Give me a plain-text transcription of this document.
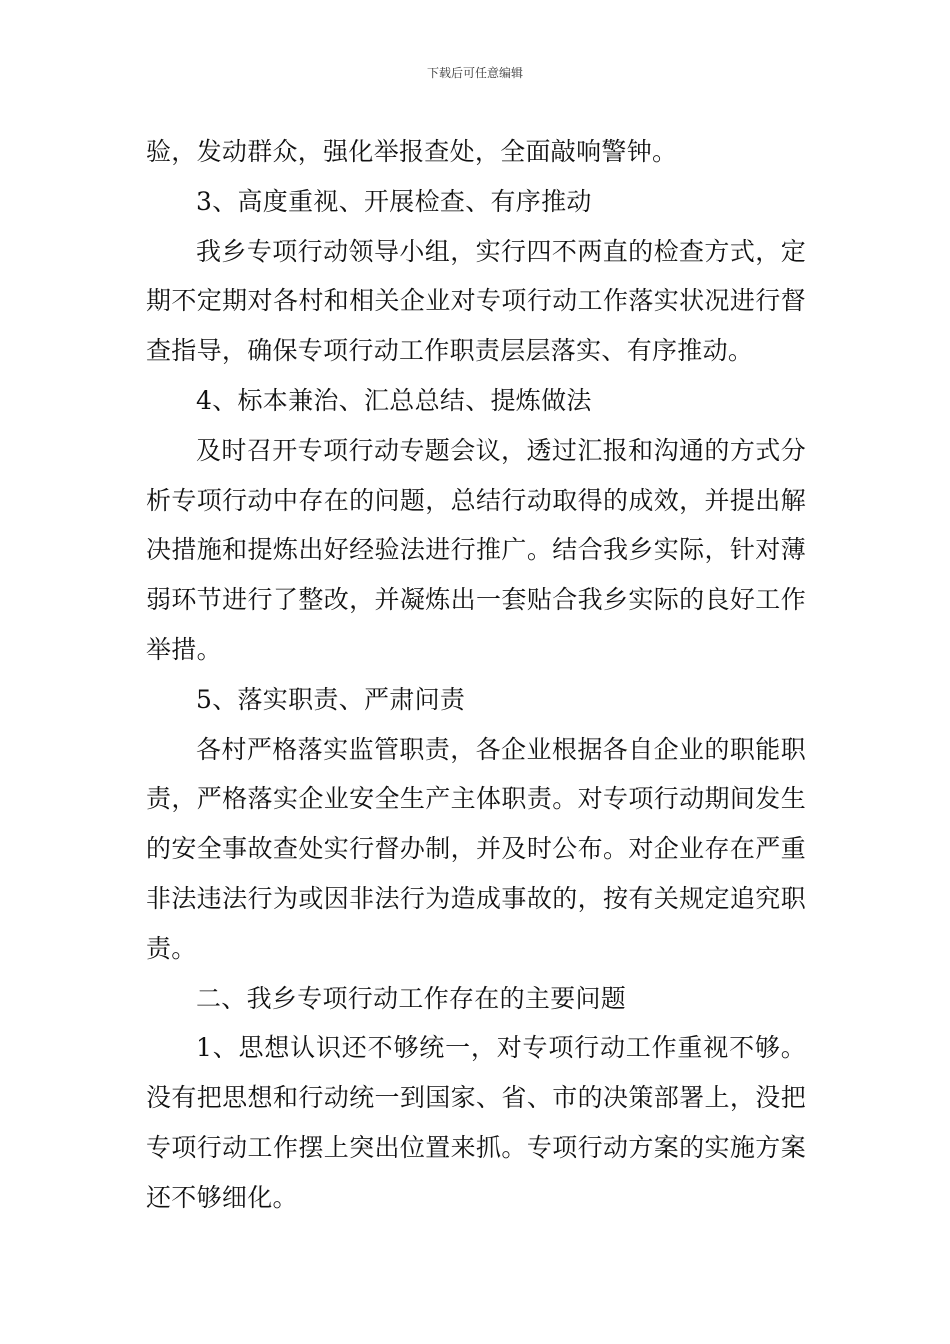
下载后可任意编辑

验，发动群众，强化举报查处，全面敲响警钟。

3、高度重视、开展检查、有序推动

我乡专项行动领导小组，实行四不两直的检查方式，定期不定期对各村和相关企业对专项行动工作落实状况进行督查指导，确保专项行动工作职责层层落实、有序推动。

4、标本兼治、汇总总结、提炼做法

及时召开专项行动专题会议，透过汇报和沟通的方式分析专项行动中存在的问题，总结行动取得的成效，并提出解决措施和提炼出好经验法进行推广。结合我乡实际，针对薄弱环节进行了整改，并凝炼出一套贴合我乡实际的良好工作举措。

5、落实职责、严肃问责

各村严格落实监管职责，各企业根据各自企业的职能职责，严格落实企业安全生产主体职责。对专项行动期间发生的安全事故查处实行督办制，并及时公布。对企业存在严重非法违法行为或因非法行为造成事故的，按有关规定追究职责。

二、我乡专项行动工作存在的主要问题

1、思想认识还不够统一，对专项行动工作重视不够。没有把思想和行动统一到国家、省、市的决策部署上，没把专项行动工作摆上突出位置来抓。专项行动方案的实施方案还不够细化。
